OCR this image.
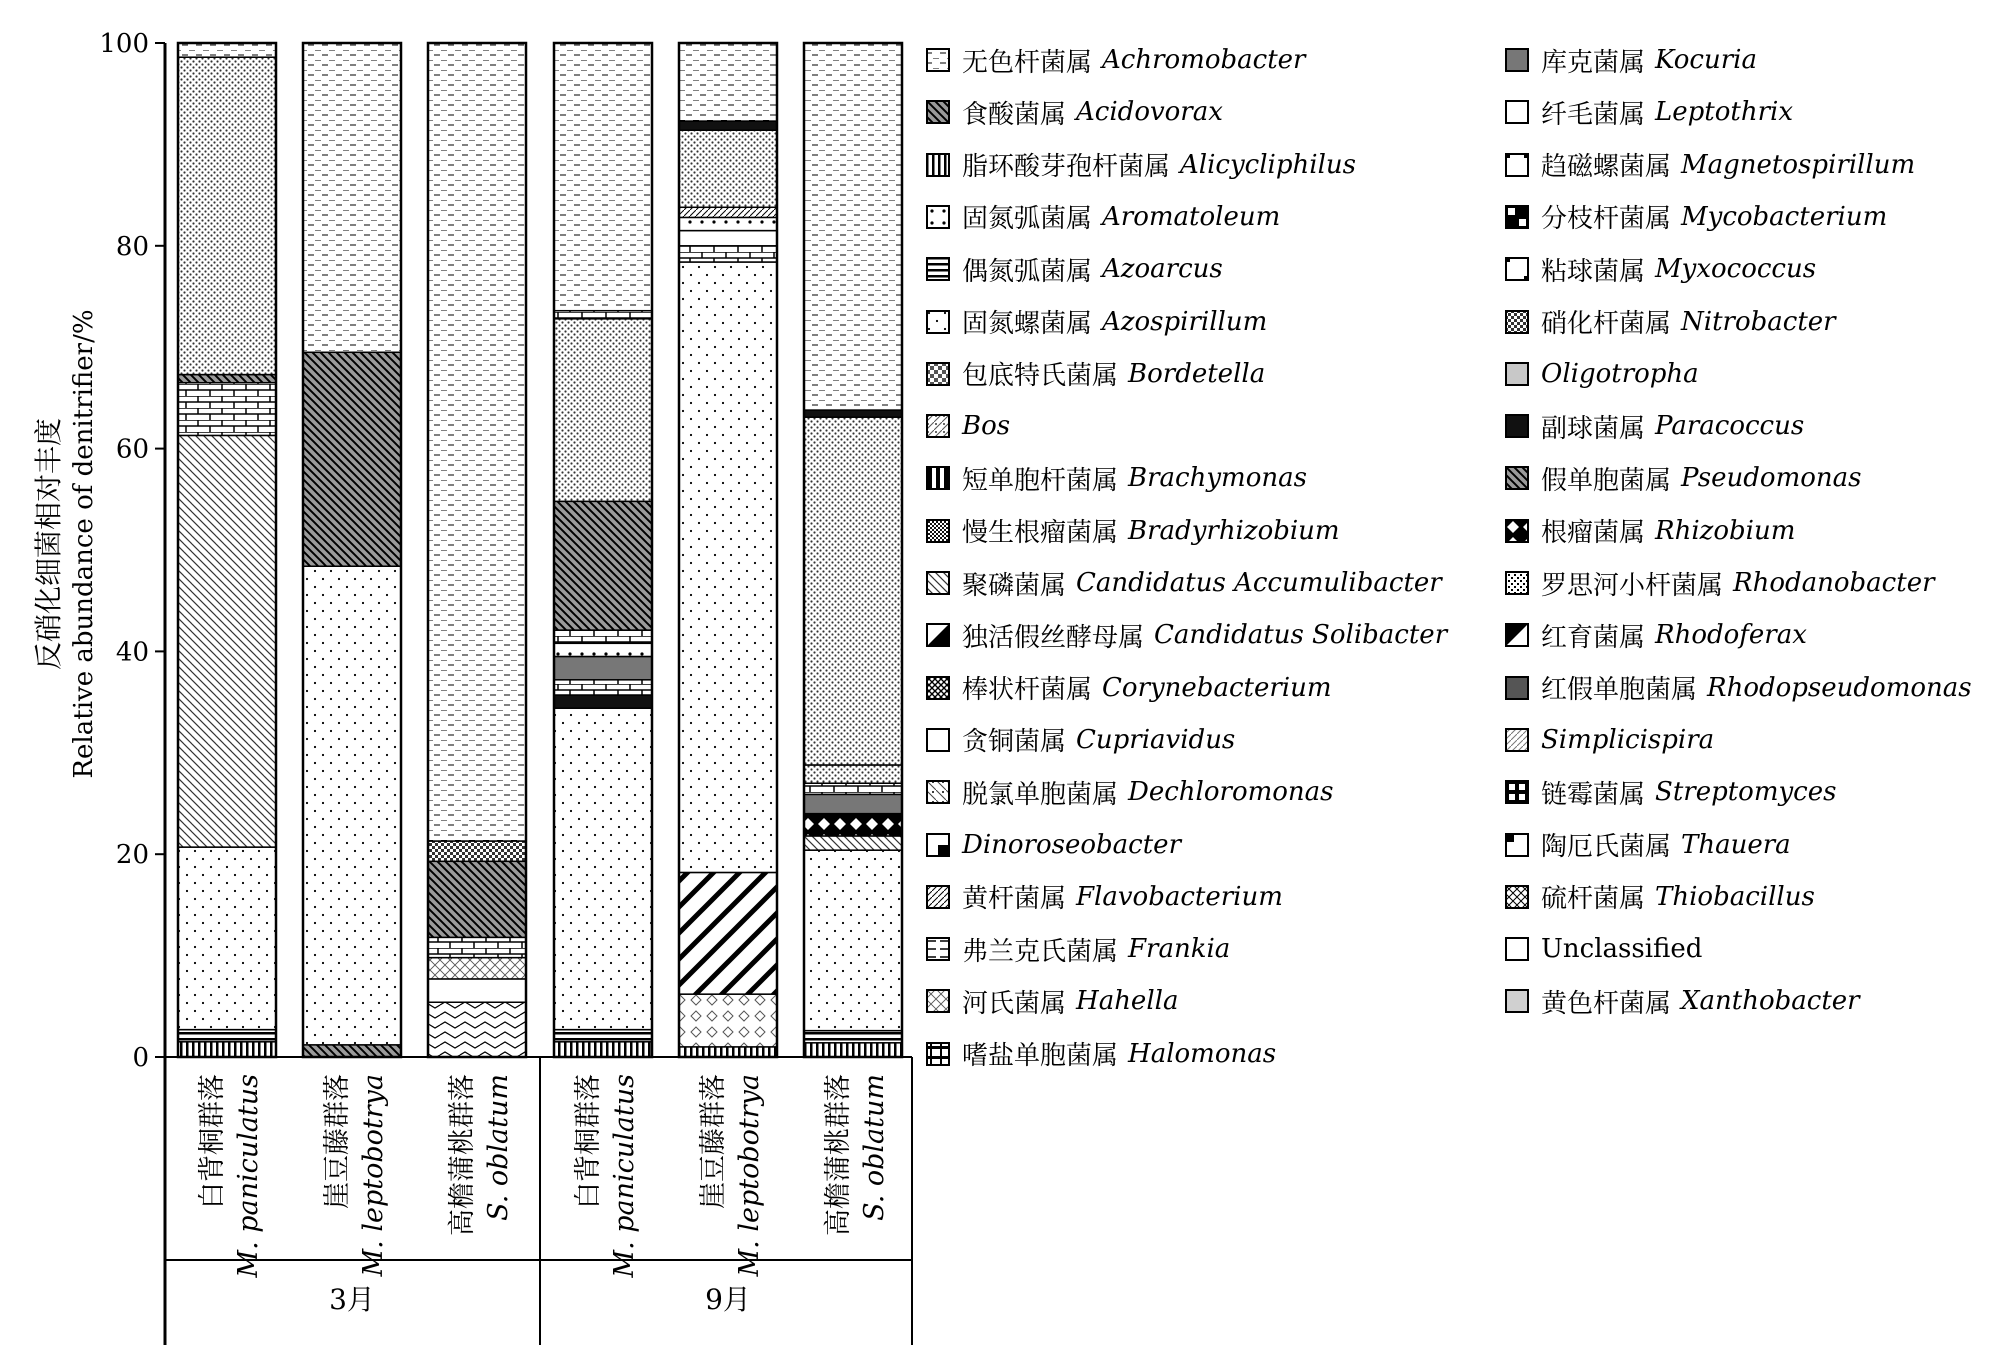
0
20
40
60
80
100
白背桐群落 M. paniculatus 崖豆藤群落 M. leptobotrya 高檐蒲桃群落 S. oblatum 白背桐群落 M. paniculatus 崖豆藤群落 M. leptobotrya 高檐蒲桃群落 S. oblatum
3月	9月
反硝化细菌相对丰度 Relative abundance of denitrifier/%
无色杆菌属 Achromobacter
食酸菌属 Acidovorax
脂环酸芽孢杆菌属 Alicycliphilus
固氮弧菌属 Aromatoleum
偶氮弧菌属 Azoarcus
固氮螺菌属 Azospirillum
包底特氏菌属 Bordetella
Bos
短单胞杆菌属 Brachymonas
慢生根瘤菌属 Bradyrhizobium
聚磷菌属 Candidatus Accumulibacter
独活假丝酵母属 Candidatus Solibacter
棒状杆菌属 Corynebacterium
贪铜菌属 Cupriavidus
脱氯单胞菌属 Dechloromonas
Dinoroseobacter
黄杆菌属 Flavobacterium
弗兰克氏菌属 Frankia
河氏菌属 Hahella
嗜盐单胞菌属 Halomonas
库克菌属 Kocuria
纤毛菌属 Leptothrix
趋磁螺菌属 Magnetospirillum
分枝杆菌属 Mycobacterium
粘球菌属 Myxococcus
硝化杆菌属 Nitrobacter
Oligotropha
副球菌属 Paracoccus
假单胞菌属 Pseudomonas
根瘤菌属 Rhizobium
罗思河小杆菌属 Rhodanobacter
红育菌属 Rhodoferax
红假单胞菌属 Rhodopseudomonas
Simplicispira
链霉菌属 Streptomyces
陶厄氏菌属 Thauera
硫杆菌属 Thiobacillus
Unclassified
黄色杆菌属 Xanthobacter
